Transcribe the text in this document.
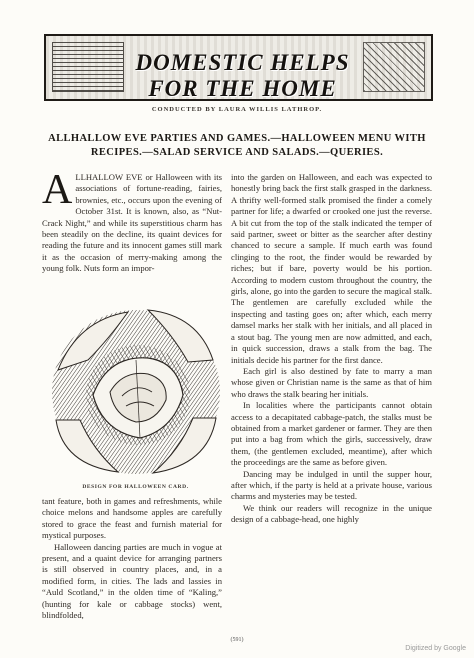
DOMESTIC HELPS FOR THE HOME
CONDUCTED BY LAURA WILLIS LATHROP.
ALLHALLOW EVE PARTIES AND GAMES.—HALLOWEEN MENU WITH RECIPES.—SALAD SERVICE AND SALADS.—QUERIES.

ALLHALLOW EVE or Halloween with its associations of fortune-reading, fairies, brownies, etc., occurs upon the evening of October 31st. It is known, also, as “Nut-Crack Night,” and while its superstitious charm has been steadily on the decline, its quaint devices for reading the future and its innocent games still mark it as the occasion of merry-making among the young folk. Nuts form an impor-

DESIGN FOR HALLOWEEN CARD.

tant feature, both in games and refreshments, while choice melons and handsome apples are carefully stored to grace the feast and furnish material for mystical purposes.

Halloween dancing parties are much in vogue at present, and a quaint device for arranging partners is still observed in country places, and, in a modified form, in cities. The lads and lassies in “Auld Scotland,” in the olden time of “Kaling,” (hunting for kale or cabbage stocks) went, blindfolded,

into the garden on Halloween, and each was expected to honestly bring back the first stalk grasped in the darkness. A thrifty well-formed stalk promised the finder a comely partner for life; a dwarfed or crooked one just the reverse. A bit cut from the top of the stalk indicated the temper of said partner, sweet or bitter as the searcher after destiny chanced to secure a sample. If much earth was found clinging to the root, the finder would be rewarded by riches; but if bare, poverty would be his portion. According to modern custom throughout the country, the girls, alone, go into the garden to secure the magical stalk. The gentlemen are carefully excluded while the inspecting and tasting goes on; after which, each merry damsel marks her stalk with her initials, and all placed in a stout bag. The young men are now admitted, and each, in quick succession, draws a stalk from the bag. The initials decide his partner for the first dance.

Each girl is also destined by fate to marry a man whose given or Christian name is the same as that of him who draws the stalk bearing her initials.

In localities where the participants cannot obtain access to a decapitated cabbage-patch, the stalks must be obtained from a market gardener or farmer. They are then put into a bag from which the girls, successively, draw them, (the gentlemen excluded, meantime), after which the proceedings are the same as before given.

Dancing may be indulged in until the supper hour, after which, if the party is held at a private house, various charms and mysteries may be tested.

We think our readers will recognize in the unique design of a cabbage-head, one highly

(591)
Digitized by Google
